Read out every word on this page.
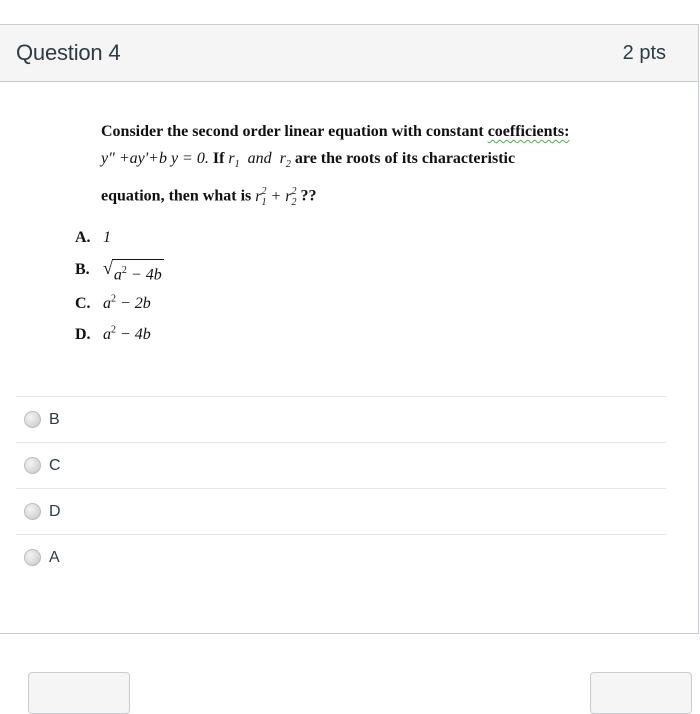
Question 4	2 pts
Consider the second order linear equation with constant coefficients:
y" +ay'+b y = 0. If $r_1$ and $r_2$ are the roots of its characteristic
equation, then what is $r_1^2 + r_2^2$ ??
A. 1
B. √ $a^2 - 4b$
C. $a^2 - 2b$
D. $a^2 - 4b$
B
C
D
A
